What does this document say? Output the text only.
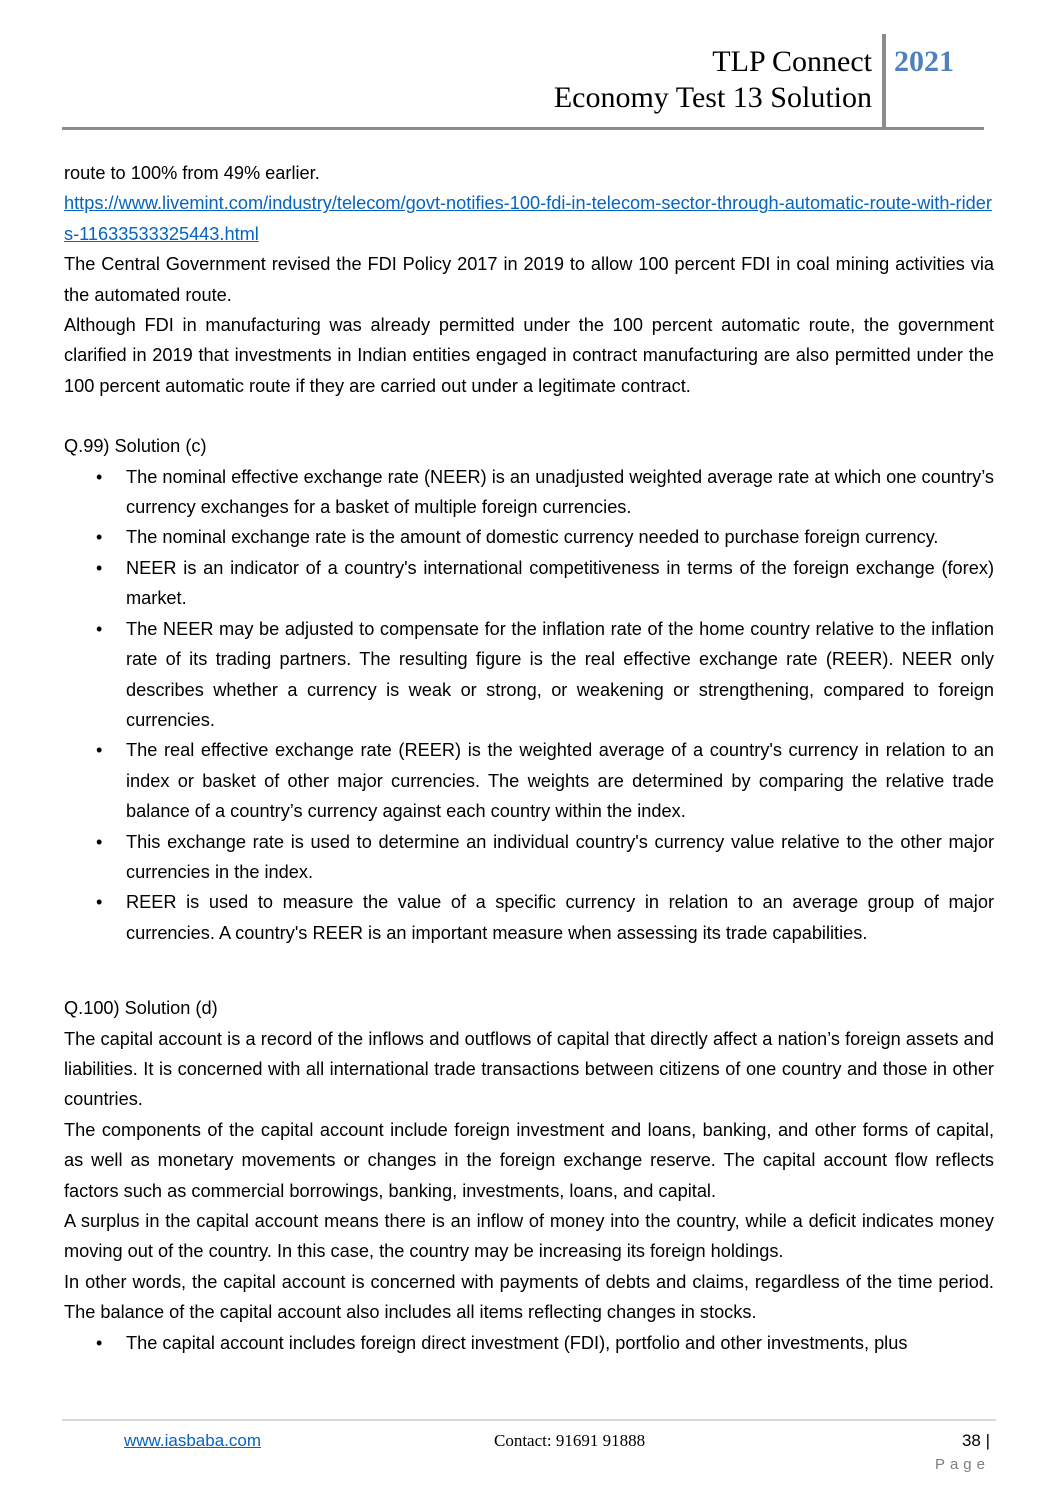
TLP Connect
Economy Test 13 Solution
2021

route to 100% from 49% earlier.

https://www.livemint.com/industry/telecom/govt-notifies-100-fdi-in-telecom-sector-through-automatic-route-with-riders-11633533325443.html

The Central Government revised the FDI Policy 2017 in 2019 to allow 100 percent FDI in coal mining activities via the automated route.

Although FDI in manufacturing was already permitted under the 100 percent automatic route, the government clarified in 2019 that investments in Indian entities engaged in contract manufacturing are also permitted under the 100 percent automatic route if they are carried out under a legitimate contract.

Q.99) Solution (c)

• The nominal effective exchange rate (NEER) is an unadjusted weighted average rate at which one country’s currency exchanges for a basket of multiple foreign currencies.
• The nominal exchange rate is the amount of domestic currency needed to purchase foreign currency.
• NEER is an indicator of a country's international competitiveness in terms of the foreign exchange (forex) market.
• The NEER may be adjusted to compensate for the inflation rate of the home country relative to the inflation rate of its trading partners. The resulting figure is the real effective exchange rate (REER). NEER only describes whether a currency is weak or strong, or weakening or strengthening, compared to foreign currencies.
• The real effective exchange rate (REER) is the weighted average of a country's currency in relation to an index or basket of other major currencies. The weights are determined by comparing the relative trade balance of a country’s currency against each country within the index.
• This exchange rate is used to determine an individual country's currency value relative to the other major currencies in the index.
• REER is used to measure the value of a specific currency in relation to an average group of major currencies. A country's REER is an important measure when assessing its trade capabilities.

Q.100) Solution (d)

The capital account is a record of the inflows and outflows of capital that directly affect a nation’s foreign assets and liabilities. It is concerned with all international trade transactions between citizens of one country and those in other countries.

The components of the capital account include foreign investment and loans, banking, and other forms of capital, as well as monetary movements or changes in the foreign exchange reserve. The capital account flow reflects factors such as commercial borrowings, banking, investments, loans, and capital.

A surplus in the capital account means there is an inflow of money into the country, while a deficit indicates money moving out of the country. In this case, the country may be increasing its foreign holdings.

In other words, the capital account is concerned with payments of debts and claims, regardless of the time period. The balance of the capital account also includes all items reflecting changes in stocks.

• The capital account includes foreign direct investment (FDI), portfolio and other investments, plus
www.iasbaba.com	Contact: 91691 91888	38 |
Page
